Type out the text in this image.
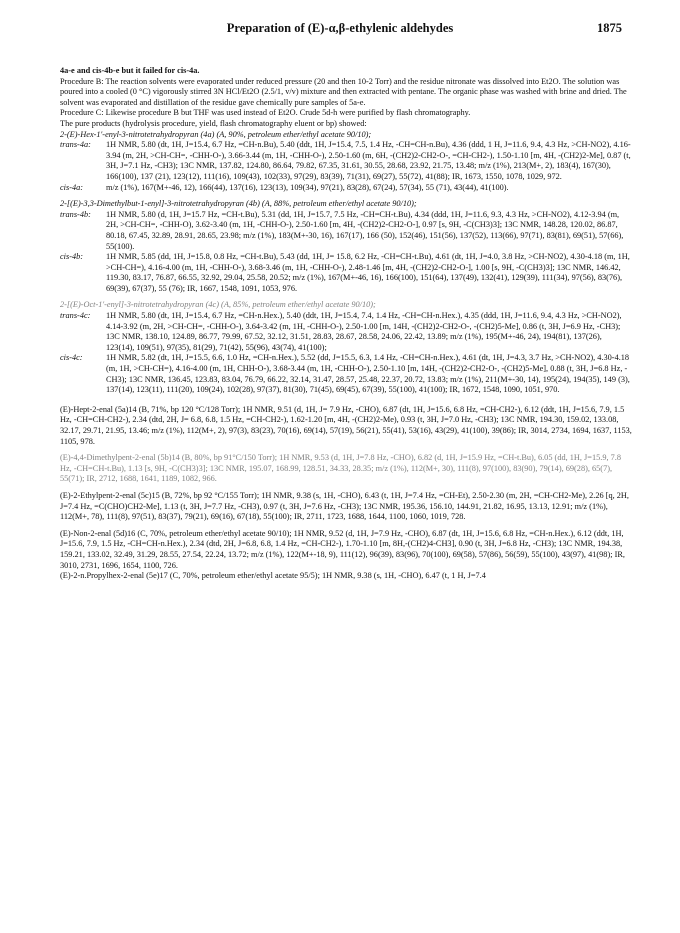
Preparation of (E)-α,β-ethylenic aldehydes	1875
4a-e and cis-4b-e but it failed for cis-4a.
Procedure B: The reaction solvents were evaporated under reduced pressure (20 and then 10-2 Torr) and the residue nitronate was dissolved into Et2O. The solution was poured into a cooled (0 °C) vigorously stirred 3N HCl/Et2O (2.5/1, v/v) mixture and then extracted with pentane. The organic phase was washed with brine and dried. The solvent was evaporated and distillation of the residue gave chemically pure samples of 5a-e.
Procedure C: Likewise procedure B but THF was used instead of Et2O. Crude 5d-h were purified by flash chromatography.
The pure products (hydrolysis procedure, yield, flash chromatography eluent or bp) showed:
2-(E)-Hex-1'-enyl-3-nitrotetrahydropyran (4a) (A, 90%, petroleum ether/ethyl acetate 90/10);
trans-4a:	1H NMR, 5.80 (dt, 1H, J=15.4, 6.7 Hz, =CH-n.Bu), 5.40 (ddt, 1H, J=15.4, 7.5, 1.4 Hz, -CH=CH-n.Bu), 4.36 (ddd, 1 H, J=11.6, 9.4, 4.3 Hz, >CH-NO2), 4.16-3.94 (m, 2H, >CH-CH=, -CHH-O-), 3.66-3.44 (m, 1H, -CHH-O-), 2.50-1.60 (m, 6H, -(CH2)2-CH2-O-, =CH-CH2-), 1.50-1.10 [m, 4H, -(CH2)2-Me], 0.87 (t, 3H, J=7.1 Hz, -CH3); 13C NMR, 137.82, 124.80, 86.64, 79.82, 67.35, 31.61, 30.55, 28.68, 23.92, 21.75, 13.48; m/z (1%), 213(M+, 2), 183(4), 167(30), 166(100), 137 (21), 123(12), 111(16), 109(43), 102(33), 97(29), 83(39), 71(31), 69(27), 55(72), 41(88); IR, 1673, 1550, 1078, 1029, 972.
cis-4a:	m/z (1%), 167(M+-46, 12), 166(44), 137(16), 123(13), 109(34), 97(21), 83(28), 67(24), 57(34), 55 (71), 43(44), 41(100).
2-[(E)-3,3-Dimethylbut-1-enyl]-3-nitrotetrahydropyran (4b) (A, 88%, petroleum ether/ethyl acetate 90/10);
trans-4b:	1H NMR, 5.80 (d, 1H, J=15.7 Hz, =CH-t.Bu), 5.31 (dd, 1H, J=15.7, 7.5 Hz, -CH=CH-t.Bu), 4.34 (ddd, 1H, J=11.6, 9.3, 4.3 Hz, >CH-NO2), 4.12-3.94 (m, 2H, >CH-CH=, -CHH-O), 3.62-3.40 (m, 1H, -CHH-O-), 2.50-1.60 [m, 4H, -(CH2)2-CH2-O-], 0.97 [s, 9H, -C(CH3)3]; 13C NMR, 148.28, 120.02, 86.87, 80.18, 67.45, 32.89, 28.91, 28.65, 23.98; m/z (1%), 183(M+-30, 16), 167(17), 166 (50), 152(46), 151(56), 137(52), 113(66), 97(71), 83(81), 69(51), 57(66), 55(100).
cis-4b:	1H NMR, 5.85 (dd, 1H, J=15.8, 0.8 Hz, =CH-t.Bu), 5.43 (dd, 1H, J= 15.8, 6.2 Hz, -CH=CH-t.Bu), 4.61 (dt, 1H, J=4.0, 3.8 Hz, >CH-NO2), 4.30-4.18 (m, 1H, >CH-CH=), 4.16-4.00 (m, 1H, -CHH-O-), 3.68-3.46 (m, 1H, -CHH-O-), 2.48-1.46 [m, 4H, -(CH2)2-CH2-O-], 1.00 [s, 9H, -C(CH3)3]; 13C NMR, 146.42, 119.30, 83.17, 76.87, 66.55, 32.92, 29.04, 25.58, 20.52; m/z (1%), 167(M+-46, 16), 166(100), 151(64), 137(49), 132(41), 129(39), 111(34), 97(56), 83(76), 69(39), 67(37), 55 (76); IR, 1667, 1548, 1091, 1053, 976.
2-[(E)-Oct-1'-enyl]-3-nitrotetrahydropyran (4c) (A, 85%, petroleum ether/ethyl acetate 90/10);
trans-4c:	1H NMR, 5.80 (dt, 1H, J=15.4, 6.7 Hz, =CH-n.Hex.), 5.40 (ddt, 1H, J=15.4, 7.4, 1.4 Hz, -CH=CH-n.Hex.), 4.35 (ddd, 1H, J=11.6, 9.4, 4.3 Hz, >CH-NO2), 4.14-3.92 (m, 2H, >CH-CH=, -CHH-O-), 3.64-3.42 (m, 1H, -CHH-O-), 2.50-1.00 [m, 14H, -(CH2)2-CH2-O-, -(CH2)5-Me], 0.86 (t, 3H, J=6.9 Hz, -CH3); 13C NMR, 138.10, 124.89, 86.77, 79.99, 67.52, 32.12, 31.51, 28.83, 28.67, 28.58, 24.06, 22.42, 13.89; m/z (1%), 195(M+-46, 24), 194(81), 137(26), 123(14), 109(51), 97(35), 81(29), 71(42), 55(96), 43(74), 41(100);
cis-4c:	1H NMR, 5.82 (dt, 1H, J=15.5, 6.6, 1.0 Hz, =CH-n.Hex.), 5.52 (dd, J=15.5, 6.3, 1.4 Hz, -CH=CH-n.Hex.), 4.61 (dt, 1H, J=4.3, 3.7 Hz, >CH-NO2), 4.30-4.18 (m, 1H, >CH-CH=), 4.16-4.00 (m, 1H, CHH-O-), 3.68-3.44 (m, 1H, -CHH-O-), 2.50-1.10 [m, 14H, -(CH2)2-CH2-O-, -(CH2)5-Me], 0.88 (t, 3H, J=6.8 Hz, -CH3); 13C NMR, 136.45, 123.83, 83.04, 76.79, 66.22, 32.14, 31.47, 28.57, 25.48, 22.37, 20.72, 13.83; m/z (1%), 211(M+-30, 14), 195(24), 194(35), 149 (3), 137(14), 123(11), 111(20), 109(24), 102(28), 97(37), 81(30), 71(45), 69(45), 67(39), 55(100), 41(100); IR, 1672, 1548, 1090, 1051, 970.
(E)-Hept-2-enal (5a)14 (B, 71%, bp 120 °C/128 Torr); 1H NMR, 9.51 (d, 1H, J= 7.9 Hz, -CHO), 6.87 (dt, 1H, J=15.6, 6.8 Hz, =CH-CH2-), 6.12 (ddt, 1H, J=15.6, 7.9, 1.5 Hz, -CH=CH-CH2-), 2.34 (dtd, 2H, J= 6.8, 6.8, 1.5 Hz, =CH-CH2-), 1.62-1.20 [m, 4H, -(CH2)2-Me), 0.93 (t, 3H, J=7.0 Hz, -CH3); 13C NMR, 194.30, 159.02, 133.08, 32.17, 29.71, 21.95, 13.46; m/z (1%), 112(M+, 2), 97(3), 83(23), 70(16), 69(14), 57(19), 56(21), 55(41), 53(16), 43(29), 41(100), 39(86); IR, 3014, 2734, 1694, 1637, 1153, 1105, 978.
(E)-4,4-Dimethylpent-2-enal (5b)14 (B, 80%, bp 91°C/150 Torr); 1H NMR, 9.53 (d, 1H, J=7.8 Hz, -CHO), 6.82 (d, 1H, J=15.9 Hz, =CH-t.Bu), 6.05 (dd, 1H, J=15.9, 7.8 Hz, -CH=CH-t.Bu), 1.13 [s, 9H, -C(CH3)3]; 13C NMR, 195.07, 168.99, 128.51, 34.33, 28.35; m/z (1%), 112(M+, 30), 111(8), 97(100), 83(90), 79(14), 69(28), 65(7), 55(71); IR, 2712, 1688, 1641, 1189, 1082, 966.
(E)-2-Ethylpent-2-enal (5c)15 (B, 72%, bp 92 °C/155 Torr); 1H NMR, 9.38 (s, 1H, -CHO), 6.43 (t, 1H, J=7.4 Hz, =CH-Et), 2.50-2.30 (m, 2H, =CH-CH2-Me), 2.26 [q, 2H, J=7.4 Hz, =C(CHO)CH2-Me], 1.13 (t, 3H, J=7.7 Hz, -CH3), 0.97 (t, 3H, J=7.6 Hz, -CH3); 13C NMR, 195.36, 156.10, 144.91, 21.82, 16.95, 13.13, 12.91; m/z (1%), 112(M+, 78), 111(8), 97(51), 83(37), 79(21), 69(16), 67(18), 55(100); IR, 2711, 1723, 1688, 1644, 1100, 1060, 1019, 728.
(E)-Non-2-enal (5d)16 (C, 70%, petroleum ether/ethyl acetate 90/10); 1H NMR, 9.52 (d, 1H, J=7.9 Hz, -CHO), 6.87 (dt, 1H, J=15.6, 6.8 Hz, =CH-n.Hex.), 6.12 (ddt, 1H, J=15.6, 7.9, 1.5 Hz, -CH=CH-n.Hex.), 2.34 (dtd, 2H, J=6.8, 6.8, 1.4 Hz, =CH-CH2-), 1.70-1.10 [m, 8H,-(CH2)4-CH3], 0.90 (t, 3H, J=6.8 Hz, -CH3); 13C NMR, 194.38, 159.21, 133.02, 32.49, 31.29, 28.55, 27.54, 22.24, 13.72; m/z (1%), 122(M+-18, 9), 111(12), 96(39), 83(96), 70(100), 69(58), 57(86), 56(59), 55(100), 43(97), 41(98); IR, 3010, 2731, 1696, 1654, 1100, 726.
(E)-2-n.Propylhex-2-enal (5e)17 (C, 70%, petroleum ether/ethyl acetate 95/5); 1H NMR, 9.38 (s, 1H, -CHO), 6.47 (t, 1 H, J=7.4
